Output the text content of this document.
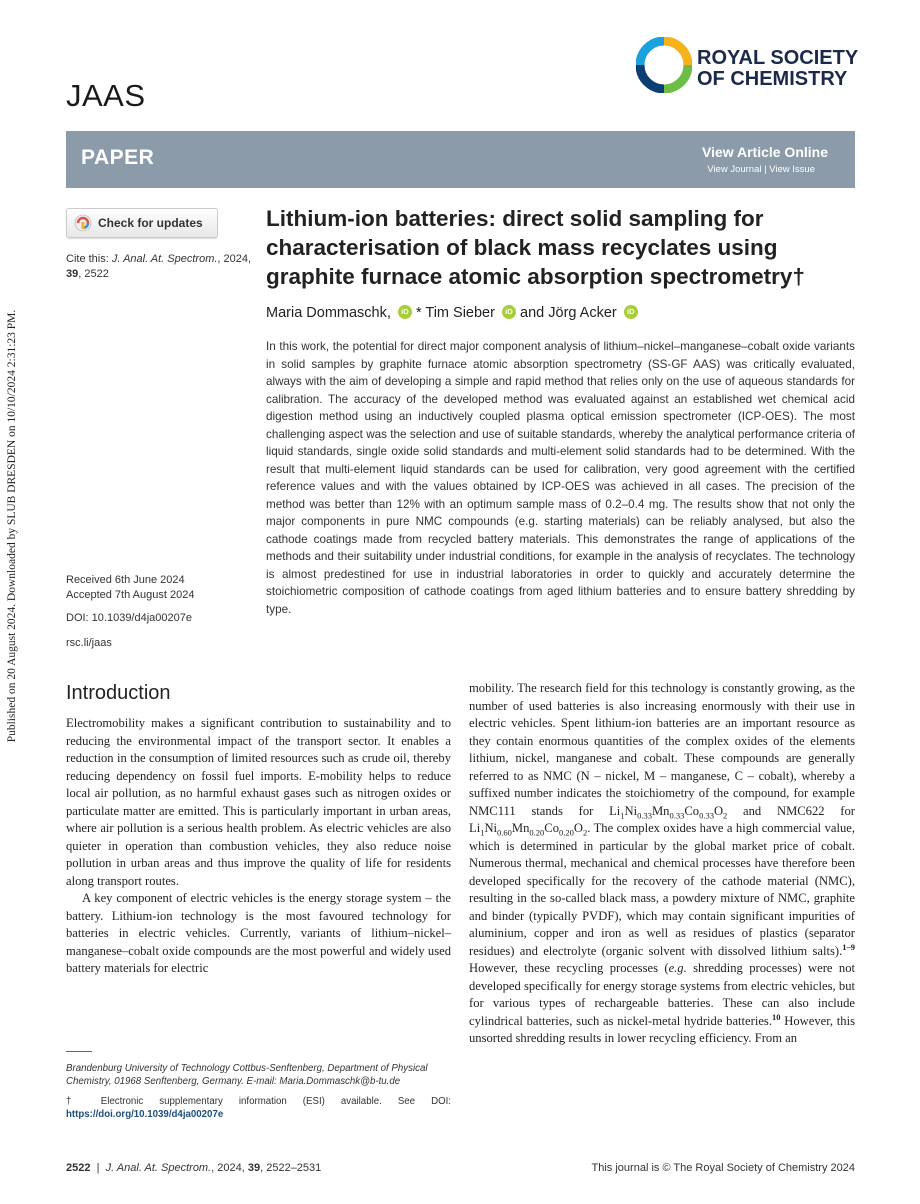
Published on 20 August 2024. Downloaded by SLUB DRESDEN on 10/10/2024 2:31:23 PM.
JAAS
ROYAL SOCIETY
OF CHEMISTRY
PAPER	View Article Online
View Journal | View Issue
Check for updates
Cite this: J. Anal. At. Spectrom., 2024, 39, 2522
Received 6th June 2024
Accepted 7th August 2024
DOI: 10.1039/d4ja00207e
rsc.li/jaas
Lithium-ion batteries: direct solid sampling for characterisation of black mass recyclates using graphite furnace atomic absorption spectrometry†
Maria Dommaschk, iD * Tim Sieber iD and Jörg Acker iD
In this work, the potential for direct major component analysis of lithium–nickel–manganese–cobalt oxide variants in solid samples by graphite furnace atomic absorption spectrometry (SS-GF AAS) was critically evaluated, always with the aim of developing a simple and rapid method that relies only on the use of aqueous standards for calibration. The accuracy of the developed method was evaluated against an established wet chemical acid digestion method using an inductively coupled plasma optical emission spectrometer (ICP-OES). The most challenging aspect was the selection and use of suitable standards, whereby the analytical performance criteria of liquid standards, single oxide solid standards and multi-element solid standards had to be determined. With the result that multi-element liquid standards can be used for calibration, very good agreement with the certified reference values and with the values obtained by ICP-OES was achieved in all cases. The precision of the method was better than 12% with an optimum sample mass of 0.2–0.4 mg. The results show that not only the major components in pure NMC compounds (e.g. starting materials) can be reliably analysed, but also the cathode coatings made from recycled battery materials. This demonstrates the range of applications of the methods and their suitability under industrial conditions, for example in the analysis of recyclates. The technology is almost predestined for use in industrial laboratories in order to quickly and accurately determine the stoichiometric composition of cathode coatings from aged lithium batteries and to ensure battery shredding by type.
Introduction

Electromobility makes a significant contribution to sustainability and to reducing the environmental impact of the transport sector. It enables a reduction in the consumption of limited resources such as crude oil, thereby reducing dependency on fossil fuel imports. E-mobility helps to reduce local air pollution, as no harmful exhaust gases such as nitrogen oxides or particulate matter are emitted. This is particularly important in urban areas, where air pollution is a serious health problem. As electric vehicles are also quieter in operation than combustion vehicles, they also reduce noise pollution in urban areas and thus improve the quality of life for residents along transport routes.

A key component of electric vehicles is the energy storage system – the battery. Lithium-ion technology is the most favoured technology for batteries in electric vehicles. Currently, variants of lithium–nickel–manganese–cobalt oxide compounds are the most powerful and widely used battery materials for electric

mobility. The research field for this technology is constantly growing, as the number of used batteries is also increasing enormously with their use in electric vehicles. Spent lithium-ion batteries are an important resource as they contain enormous quantities of the complex oxides of the elements lithium, nickel, manganese and cobalt. These compounds are generally referred to as NMC (N – nickel, M – manganese, C – cobalt), whereby a suffixed number indicates the stoichiometry of the compound, for example NMC111 stands for $Li_1Ni_{0.33}Mn_{0.33}Co_{0.33}O_2$ and NMC622 for $Li_1Ni_{0.60}Mn_{0.20}Co_{0.20}O_2$. The complex oxides have a high commercial value, which is determined in particular by the global market price of cobalt. Numerous thermal, mechanical and chemical processes have therefore been developed specifically for the recovery of the cathode material (NMC), resulting in the so-called black mass, a powdery mixture of NMC, graphite and binder (typically PVDF), which may contain significant impurities of aluminium, copper and iron as well as residues of plastics (separator residues) and electrolyte (organic solvent with dissolved lithium salts).$^{1-9}$ However, these recycling processes (e.g. shredding processes) were not developed specifically for energy storage systems from electric vehicles, but for various types of rechargeable batteries. These can also include cylindrical batteries, such as nickel-metal hydride batteries.$^{10}$ However, this unsorted shredding results in lower recycling efficiency. From an

Brandenburg University of Technology Cottbus-Senftenberg, Department of Physical Chemistry, 01968 Senftenberg, Germany. E-mail: Maria.Dommaschk@b-tu.de
† Electronic supplementary information (ESI) available. See DOI: https://doi.org/10.1039/d4ja00207e
2522  |  J. Anal. At. Spectrom., 2024, 39, 2522–2531	This journal is © The Royal Society of Chemistry 2024
